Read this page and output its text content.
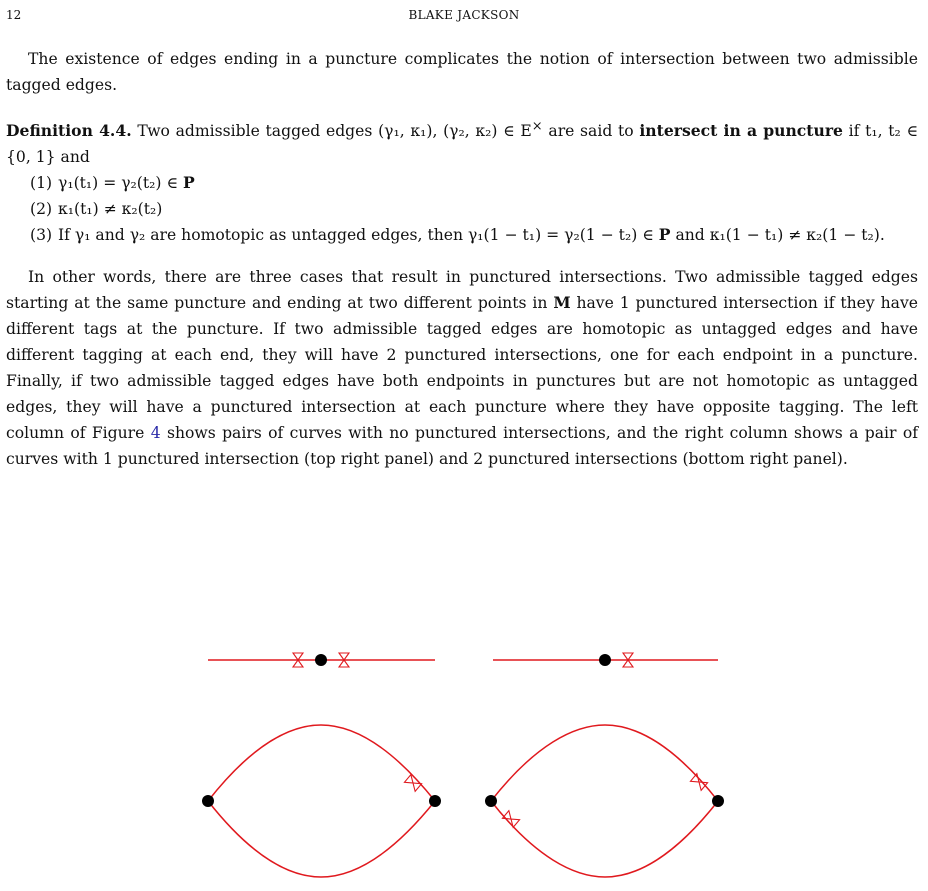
12	BLAKE JACKSON

The existence of edges ending in a puncture complicates the notion of intersection between two admissible tagged edges.

Definition 4.4. Two admissible tagged edges (γ₁, κ₁), (γ₂, κ₂) ∈ E× are said to intersect in a puncture if t₁, t₂ ∈ {0, 1} and

(1) γ₁(t₁) = γ₂(t₂) ∈ P
(2) κ₁(t₁) ≠ κ₂(t₂)
(3) If γ₁ and γ₂ are homotopic as untagged edges, then γ₁(1 − t₁) = γ₂(1 − t₂) ∈ P and κ₁(1 − t₁) ≠ κ₂(1 − t₂).

In other words, there are three cases that result in punctured intersections. Two admissible tagged edges starting at the same puncture and ending at two different points in M have 1 punctured intersection if they have different tags at the puncture. If two admissible tagged edges are homotopic as untagged edges and have different tagging at each end, they will have 2 punctured intersections, one for each endpoint in a puncture. Finally, if two admissible tagged edges have both endpoints in punctures but are not homotopic as untagged edges, they will have a punctured intersection at each puncture where they have opposite tagging. The left column of Figure 4 shows pairs of curves with no punctured intersections, and the right column shows a pair of curves with 1 punctured intersection (top right panel) and 2 punctured intersections (bottom right panel).
